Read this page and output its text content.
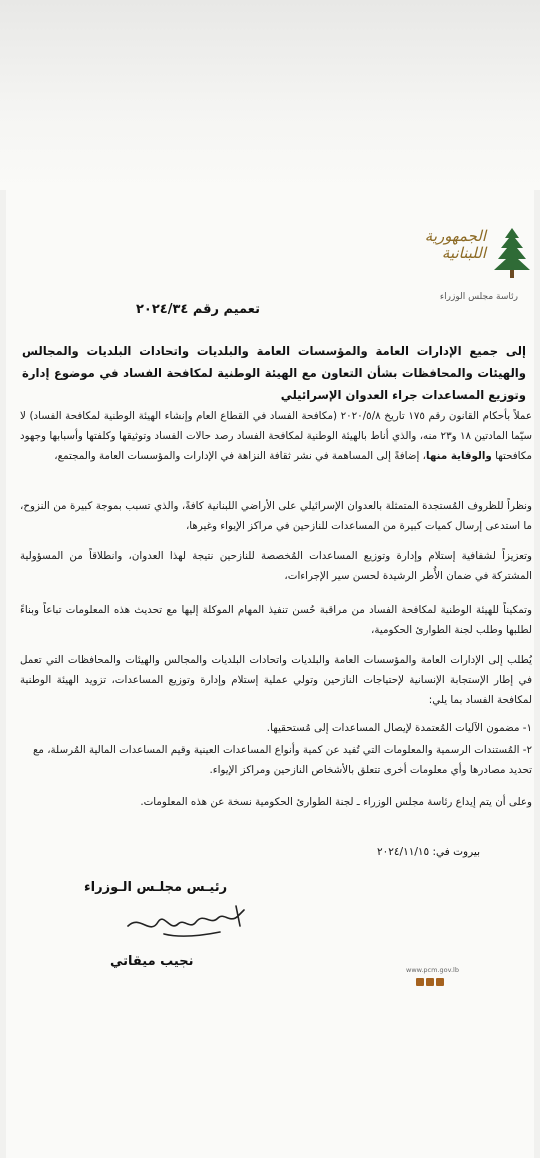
الجمهورية اللبنانية
رئاسة مجلس الوزراء
تعميم رقم ٢٠٢٤/٣٤
إلى جميع الإدارات العامة والمؤسسات العامة والبلديات واتحادات البلديات والمجالس والهيئات والمحافظات بشأن التعاون مع الهيئة الوطنية لمكافحة الفساد في موضوع إدارة وتوزيع المساعدات جراء العدوان الإسرائيلي
عملاً بأحكام القانون رقم ١٧٥ تاريخ ٢٠٢٠/٥/٨ (مكافحة الفساد في القطاع العام وإنشاء الهيئة الوطنية لمكافحة الفساد) لا سيّما المادتين ١٨ و٢٣ منه، والذي أناط بالهيئة الوطنية لمكافحة الفساد رصد حالات الفساد وتوثيقها وكلفتها وأسبابها وجهود مكافحتها والوقاية منها، إضافةً إلى المساهمة في نشر ثقافة النزاهة في الإدارات والمؤسسات العامة والمجتمع،
ونظراً للظروف المُستجدة المتمثلة بالعدوان الإسرائيلي على الأراضي اللبنانية كافةً، والذي تسبب بموجة كبيرة من النزوح، ما استدعى إرسال كميات كبيرة من المساعدات للنازحين في مراكز الإيواء وغيرها،
وتعزيزاً لشفافية إستلام وإدارة وتوزيع المساعدات المُخصصة للنازحين نتيجة لهذا العدوان، وانطلاقاً من المسؤولية المشتركة في ضمان الأُطر الرشيدة لحسن سير الإجراءات،
وتمكيناً للهيئة الوطنية لمكافحة الفساد من مراقبة حُسن تنفيذ المهام الموكلة إليها مع تحديث هذه المعلومات تباعاً وبناءً لطلبها وطلب لجنة الطوارئ الحكومية،
يُطلب إلى الإدارات العامة والمؤسسات العامة والبلديات واتحادات البلديات والمجالس والهيئات والمحافظات التي تعمل في إطار الإستجابة الإنسانية لإحتياجات النازحين وتولي عملية إستلام وإدارة وتوزيع المساعدات، تزويد الهيئة الوطنية لمكافحة الفساد بما يلي:
١- مضمون الآليات المُعتمدة لإيصال المساعدات إلى مُستحقيها.
٢- المُستندات الرسمية والمعلومات التي تُفيد عن كمية وأنواع المساعدات العينية وقيم المساعدات المالية المُرسلة، مع تحديد مصادرها وأي معلومات أخرى تتعلق بالأشخاص النازحين ومراكز الإيواء.
وعلى أن يتم إيداع رئاسة مجلس الوزراء ـ لجنة الطوارئ الحكومية نسخة عن هذه المعلومات.
بيروت في: ٢٠٢٤/١١/١٥
رئيـس مجلـس الـوزراء
نجيب ميقاتي
www.pcm.gov.lb
